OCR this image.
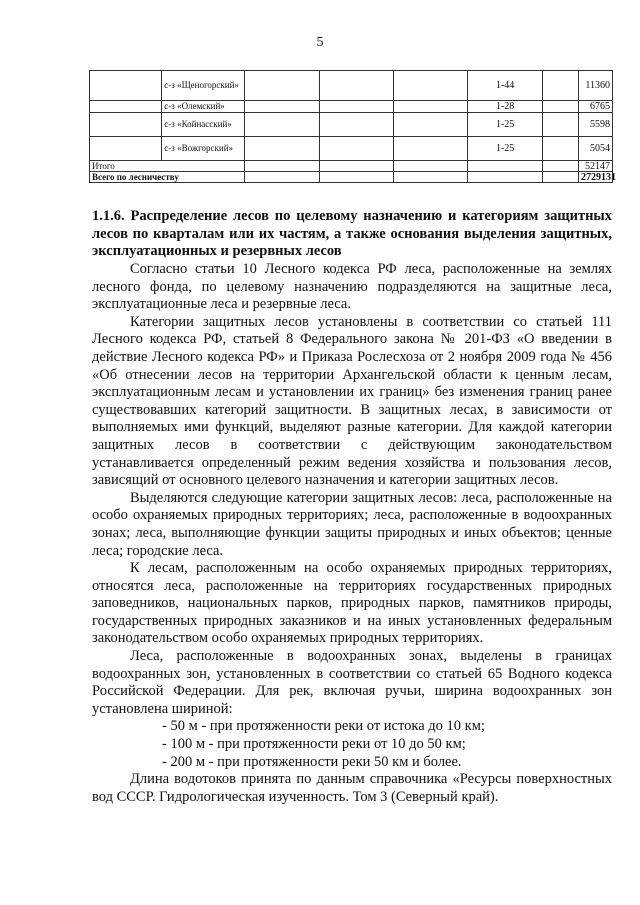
5
	с-з «Щеногорский»				1-44		11360
	с-з «Олемский»				1-28		6765
	с-з «Койнасский»				1-25		5598
	с-з «Вожгорский»				1-25		5054
Итого							52147
Всего по лесничеству							2729131
1.1.6. Распределение лесов по целевому назначению и категориям защитных лесов по кварталам или их частям, а также основания выделения защитных, эксплуатационных и резервных лесов

Согласно статьи 10 Лесного кодекса РФ леса, расположенные на землях лесного фонда, по целевому назначению подразделяются на защитные леса, эксплуатационные леса и резервные леса.

Категории защитных лесов установлены в соответствии со статьей 111 Лесного кодекса РФ, статьей 8 Федерального закона № 201-ФЗ «О введении в действие Лесного кодекса РФ» и Приказа Рослесхоза от 2 ноября 2009 года № 456 «Об отнесении лесов на территории Архангельской области к ценным лесам, эксплуатационным лесам и установлении их границ» без изменения границ ранее существовавших категорий защитности. В защитных лесах, в зависимости от выполняемых ими функций, выделяют разные категории. Для каждой категории защитных лесов в соответствии с действующим законодательством устанавливается определенный режим ведения хозяйства и пользования лесов, зависящий от основного целевого назначения и категории защитных лесов.

Выделяются следующие категории защитных лесов: леса, расположенные на особо охраняемых природных территориях; леса, расположенные в водоохранных зонах; леса, выполняющие функции защиты природных и иных объектов; ценные леса; городские леса.

К лесам, расположенным на особо охраняемых природных территориях, относятся леса, расположенные на территориях государственных природных заповедников, национальных парков, природных парков, памятников природы, государственных природных заказников и на иных установленных федеральным законодательством особо охраняемых природных территориях.

Леса, расположенные в водоохранных зонах, выделены в границах водоохранных зон, установленных в соответствии со статьей 65 Водного кодекса Российской Федерации. Для рек, включая ручьи, ширина водоохранных зон установлена шириной:

- 50 м - при протяженности реки от истока до 10 км;

- 100 м - при протяженности реки от 10 до 50 км;

- 200 м - при протяженности реки 50 км и более.

Длина водотоков принята по данным справочника «Ресурсы поверхностных вод СССР. Гидрологическая изученность. Том 3 (Северный край).
